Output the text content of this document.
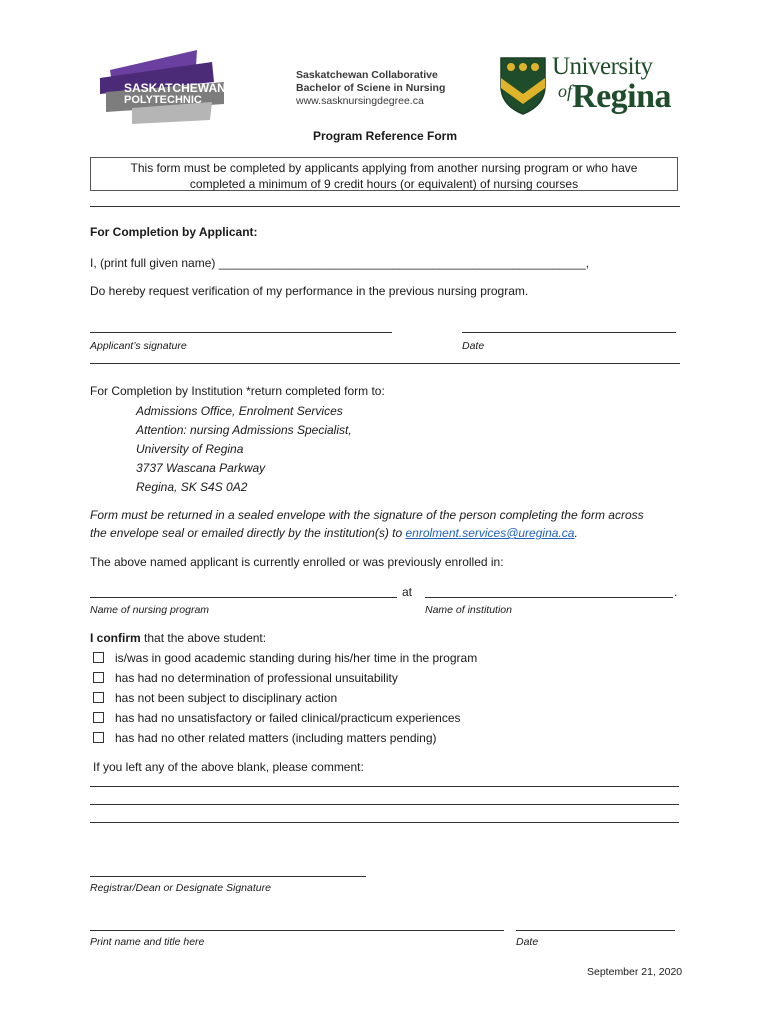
SASKATCHEWAN
POLYTECHNIC
Saskatchewan Collaborative
Bachelor of Sciene in Nursing
www.sasknursingdegree.ca
University
ofRegina
Program Reference Form
This form must be completed by applicants applying from another nursing program or who have
completed a minimum of 9 credit hours (or equivalent) of nursing courses
For Completion by Applicant:
I, (print full given name) _______________________________________________________,
Do hereby request verification of my performance in the previous nursing program.
Applicant’s signature	Date
For Completion by Institution *return completed form to:
Admissions Office, Enrolment Services
Attention: nursing Admissions Specialist,
University of Regina
3737 Wascana Parkway
Regina, SK S4S 0A2
Form must be returned in a sealed envelope with the signature of the person completing the form across
the envelope seal or emailed directly by the institution(s) to enrolment.services@uregina.ca.
The above named applicant is currently enrolled or was previously enrolled in:
at	.
Name of nursing program	Name of institution
I confirm that the above student:
is/was in good academic standing during his/her time in the program
has had no determination of professional unsuitability
has not been subject to disciplinary action
has had no unsatisfactory or failed clinical/practicum experiences
has had no other related matters (including matters pending)
If you left any of the above blank, please comment:
Registrar/Dean or Designate Signature
Print name and title here	Date
September 21, 2020
